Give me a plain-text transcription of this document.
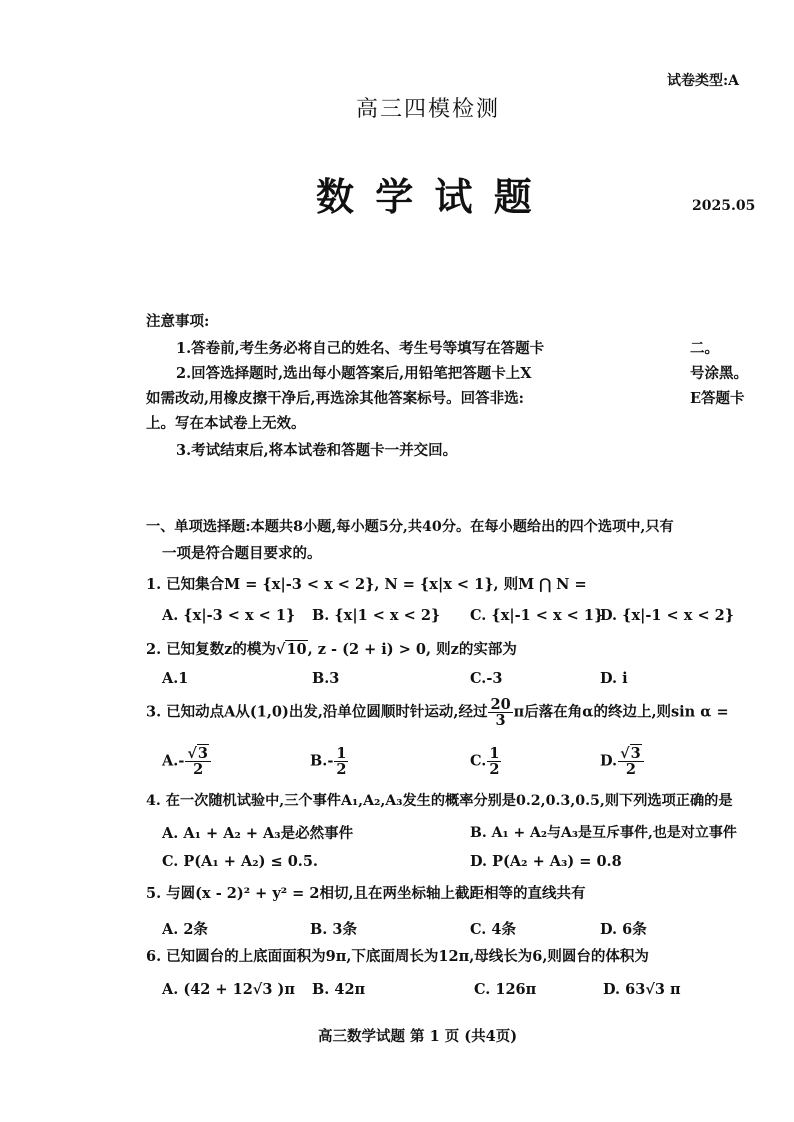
试卷类型:A
高三四模检测
数 学 试 题	2025.05
注意事项:
1.答卷前,考生务必将自己的姓名、考生号等填写在答题卡	二。
2.回答选择题时,选出每小题答案后,用铅笔把答题卡上X	号涂黑。
如需改动,用橡皮擦干净后,再选涂其他答案标号。回答非选:	E答题卡
上。写在本试卷上无效。
3.考试结束后,将本试卷和答题卡一并交回。
一、单项选择题:本题共8小题,每小题5分,共40分。在每小题给出的四个选项中,只有
一项是符合题目要求的。
1. 已知集合M = {x|-3 < x < 2}, N = {x|x < 1}, 则M ⋂ N =
A. {x|-3 < x < 1} B. {x|1 < x < 2} C. {x|-1 < x < 1}
D. {x|-1 < x < 2}
2. 已知复数z的模为√10, z - (2 + i) > 0, 则z的实部为
A.1	B.3	C.-3	D. i
3. 已知动点A从(1,0)出发,沿单位圆顺时针运动,经过 $\frac{20}{3}$ π后落在角α的终边上,则sin α =
$A.- \frac{√3}{2}$	$B.- \frac{1}{2}$	C. $\frac{1}{2}$	D. $\frac{√3}{2}$
4. 在一次随机试验中,三个事件A₁,A₂,A₃发生的概率分别是0.2,0.3,0.5,则下列选项正确的是
A. A₁ + A₂ + A₃是必然事件	B. A₁ + A₂与A₃是互斥事件,也是对立事件
C. P(A₁ + A₂) ≤ 0.5.	D. P(A₂ + A₃) = 0.8
5. 与圆(x - 2)² + y² = 2相切,且在两坐标轴上截距相等的直线共有
A. 2条	B. 3条	C. 4条	D. 6条
6. 已知圆台的上底面面积为9π,下底面周长为12π,母线长为6,则圆台的体积为
A. (42 + 12√3 )π B. 42π	C. 126π	D. 63√3 π
高三数学试题 第 1 页 (共4页)
